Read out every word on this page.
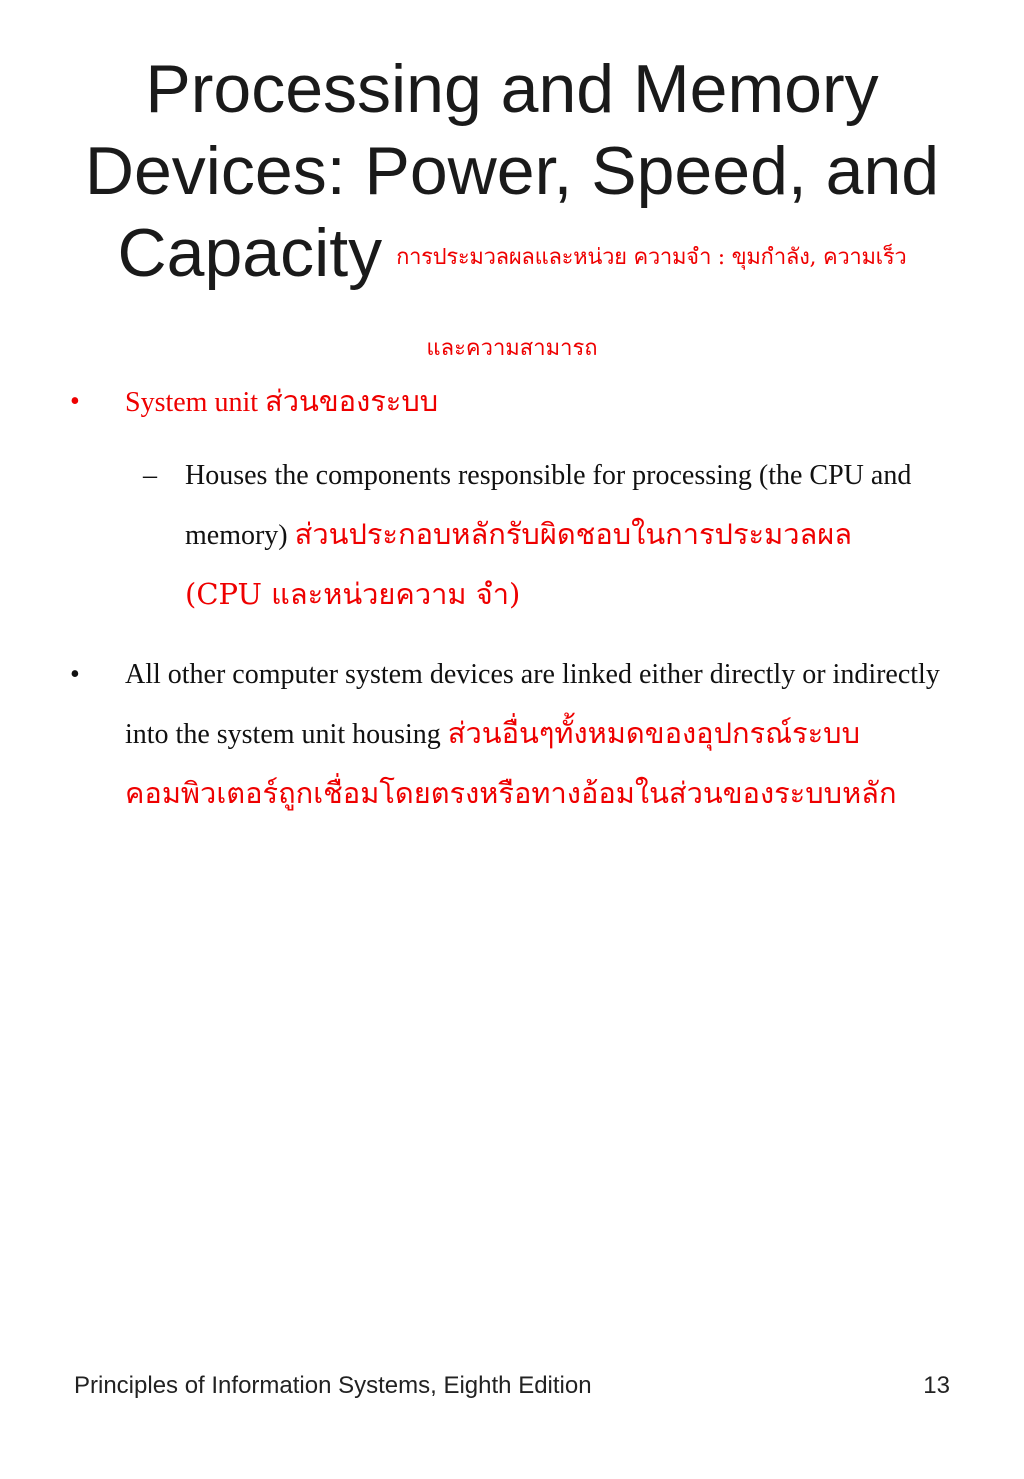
Processing and Memory
Devices: Power, Speed, and
Capacity การประมวลผลและหน่วย ความจำ : ขุมกำลัง, ความเร็ว
และความสามารถ
• System unit ส่วนของระบบ
– Houses the components responsible for processing (the CPU and memory) ส่วนประกอบหลักรับผิดชอบในการประมวลผล (CPU และหน่วยความ จำ)
• All other computer system devices are linked either directly or indirectly into the system unit housing ส่วนอื่นๆทั้งหมดของอุปกรณ์ระบบคอมพิวเตอร์ถูกเชื่อมโดยตรงหรือทางอ้อมในส่วนของระบบหลัก
Principles of Information Systems, Eighth Edition	13
